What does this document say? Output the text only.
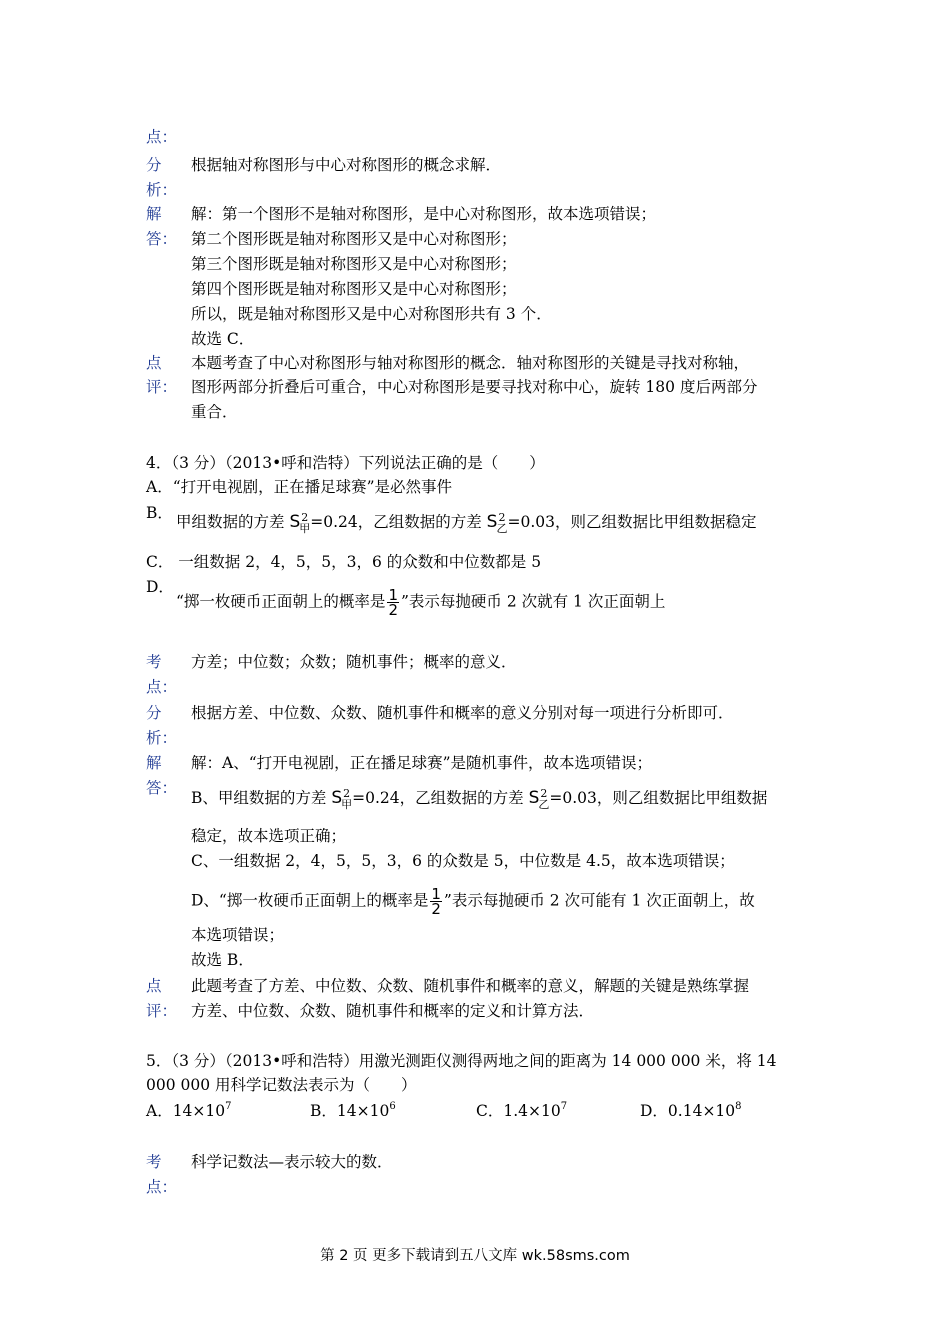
点：
分	根据轴对称图形与中心对称图形的概念求解．
析：
解
答：
解：第一个图形不是轴对称图形，是中心对称图形，故本选项错误；
第二个图形既是轴对称图形又是中心对称图形；
第三个图形既是轴对称图形又是中心对称图形；
第四个图形既是轴对称图形又是中心对称图形；
所以，既是轴对称图形又是中心对称图形共有 3 个．
故选 C．
点
评：
本题考查了中心对称图形与轴对称图形的概念．轴对称图形的关键是寻找对称轴，
图形两部分折叠后可重合，中心对称图形是要寻找对称中心，旋转 180 度后两部分
重合．
4．（3 分）（2013•呼和浩特）下列说法正确的是（　　）
A．“打开电视剧，正在播足球赛”是必然事件
B． 甲组数据的方差 S 2
甲 =0.24，乙组数据的方差 S 2
乙 =0.03，则乙组数据比甲组数据稳定
C． 一组数据 2，4，5，5，3，6 的众数和中位数都是 5
D．
“掷一枚硬币正面朝上的概率是 $\frac{1}{2}$ ”表示每抛硬币 2 次就有 1 次正面朝上
考
点：
方差；中位数；众数；随机事件；概率的意义．
分
析：
根据方差、中位数、众数、随机事件和概率的意义分别对每一项进行分析即可．
解
答：
解：A、“打开电视剧，正在播足球赛”是随机事件，故本选项错误；
B、甲组数据的方差 S 2
甲 =0.24，乙组数据的方差 S 2
乙 =0.03，则乙组数据比甲组数据
稳定，故本选项正确；
C、一组数据 2，4，5，5，3，6 的众数是 5，中位数是 4.5，故本选项错误；
D、“掷一枚硬币正面朝上的概率是 $\frac{1}{2}$ ”表示每抛硬币 2 次可能有 1 次正面朝上，故
本选项错误；
故选 B．
点
评：
此题考查了方差、中位数、众数、随机事件和概率的意义，解题的关键是熟练掌握
方差、中位数、众数、随机事件和概率的定义和计算方法．
5．（3 分）（2013•呼和浩特）用激光测距仪测得两地之间的距离为 14 000 000 米，将 14
000 000 用科学记数法表示为（　　）
A．$14\times 10^7$	B．$14\times 10^6$	C．$1.4\times 10^7$	D．$0.14\times 10^8$
考
点：
科学记数法—表示较大的数．
第 2 页 更多下载请到五八文库 wk.58sms.com
